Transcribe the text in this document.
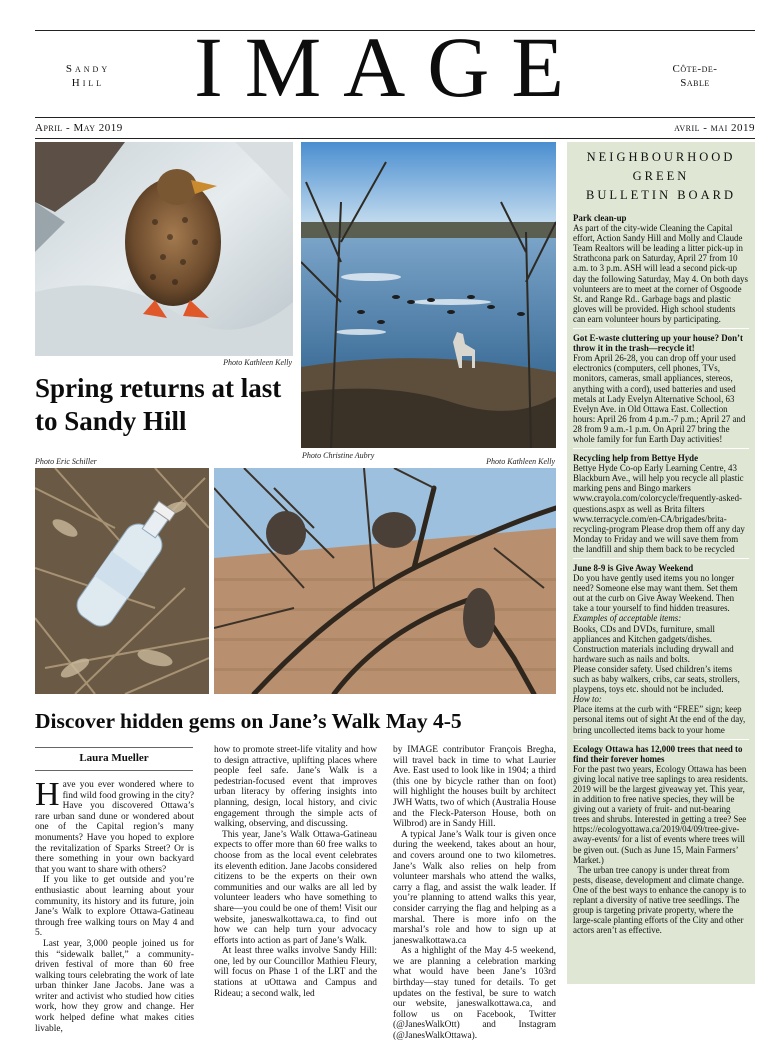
Sandy
Hill	IMAGE	Côte-de-
Sable
April - May 2019	avril - mai 2019
Photo Kathleen Kelly
Spring returns at last to Sandy Hill
Photo Christine Aubry
Photo Kathleen Kelly
Photo Eric Schiller
Discover hidden gems on Jane’s Walk May 4-5
Laura Mueller

Have you ever wondered where to find wild food growing in the city? Have you discovered Ottawa’s rare urban sand dune or wondered about one of the Capital region’s many monuments? Have you hoped to explore the revitalization of Sparks Street? Or is there something in your own backyard that you want to share with others?

If you like to get outside and you’re enthusiastic about learning about your community, its history and its future, join Jane’s Walk to explore Ottawa-Gatineau through free walking tours on May 4 and 5.

Last year, 3,000 people joined us for this “sidewalk ballet,” a community-driven festival of more than 60 free walking tours celebrating the work of late urban thinker Jane Jacobs. Jane was a writer and activist who studied how cities work, how they grow and change. Her work helped define what makes cities livable,

how to promote street-life vitality and how to design attractive, uplifting places where people feel safe. Jane’s Walk is a pedestrian-focused event that improves urban literacy by offering insights into planning, design, local history, and civic engagement through the simple acts of walking, observing, and discussing.

This year, Jane’s Walk Ottawa-Gatineau expects to offer more than 60 free walks to choose from as the local event celebrates its eleventh edition. Jane Jacobs considered citizens to be the experts on their own communities and our walks are all led by volunteer leaders who have something to share—you could be one of them! Visit our website, janeswalkottawa.ca, to find out how we can help turn your advocacy efforts into action as part of Jane’s Walk.

At least three walks involve Sandy Hill: one, led by our Councillor Mathieu Fleury, will focus on Phase 1 of the LRT and the stations at uOttawa and Campus and Rideau; a second walk, led

by IMAGE contributor François Bregha, will travel back in time to what Laurier Ave. East used to look like in 1904; a third (this one by bicycle rather than on foot) will highlight the houses built by architect JWH Watts, two of which (Australia House and the Fleck-Paterson House, both on Wilbrod) are in Sandy Hill.

A typical Jane’s Walk tour is given once during the weekend, takes about an hour, and covers around one to two kilometres. Jane’s Walk also relies on help from volunteer marshals who attend the walks, carry a flag, and assist the walk leader. If you’re planning to attend walks this year, consider carrying the flag and helping as a marshal. There is more info on the marshal’s role and how to sign up at janeswalkottawa.ca

As a highlight of the May 4-5 weekend, we are planning a celebration marking what would have been Jane’s 103rd birthday—stay tuned for details. To get updates on the festival, be sure to watch our website, janeswalkottawa.ca, and follow us on Facebook, Twitter (@JanesWalkOtt) and Instagram (@JanesWalkOttawa).

NEIGHBOURHOOD
GREEN
BULLETIN BOARD

Park clean-up
As part of the city-wide Cleaning the Capital effort, Action Sandy Hill and Molly and Claude Team Realtors will be leading a litter pick-up in Strathcona park on Saturday, April 27 from 10 a.m. to 3 p.m. ASH will lead a second pick-up day the following Saturday, May 4. On both days volunteers are to meet at the corner of Osgoode St. and Range Rd.. Garbage bags and plastic gloves will be provided. High school students can earn volunteer hours by participating.

Got E-waste cluttering up your house? Don’t throw it in the trash—recycle it!
From April 26-28, you can drop off your used electronics (computers, cell phones, TVs, monitors, cameras, small appliances, stereos, anything with a cord), used batteries and used metals at Lady Evelyn Alternative School, 63 Evelyn Ave. in Old Ottawa East. Collection hours: April 26 from 4 p.m.-7 p.m.; April 27 and 28 from 9 a.m.-1 p.m. On April 27 bring the whole family for fun Earth Day activities!

Recycling help from Bettye Hyde
Bettye Hyde Co-op Early Learning Centre, 43 Blackburn Ave., will help you recycle all plastic marking pens and Bingo markers www.crayola.com/colorcycle/frequently-asked-questions.aspx as well as Brita filters www.terracycle.com/en-CA/brigades/brita-recycling-program Please drop them off any day Monday to Friday and we will save them from the landfill and ship them back to be recycled

June 8-9 is Give Away Weekend
Do you have gently used items you no longer need? Someone else may want them. Set them out at the curb on Give Away Weekend. Then take a tour yourself to find hidden treasures.
Examples of acceptable items:
Books, CDs and DVDs, furniture, small appliances and Kitchen gadgets/dishes. Construction materials including drywall and hardware such as nails and bolts.
Please consider safety. Used children’s items such as baby walkers, cribs, car seats, strollers, playpens, toys etc. should not be included.
How to:
Place items at the curb with “FREE” sign; keep personal items out of sight At the end of the day, bring uncollected items back to your home

Ecology Ottawa has 12,000 trees that need to find their forever homes
For the past two years, Ecology Ottawa has been giving local native tree saplings to area residents. 2019 will be the largest giveaway yet. This year, in addition to free native species, they will be giving out a variety of fruit- and nut-bearing trees and shrubs. Interested in getting a tree? See https://ecologyottawa.ca/2019/04/09/tree-give-away-events/ for a list of events where trees will be given out. (Such as June 15, Main Farmers’ Market.)
The urban tree canopy is under threat from pests, disease, development and climate change. One of the best ways to enhance the canopy is to replant a diversity of native tree seedlings. The group is targeting private property, where the large-scale planting efforts of the City and other actors aren’t as effective.
